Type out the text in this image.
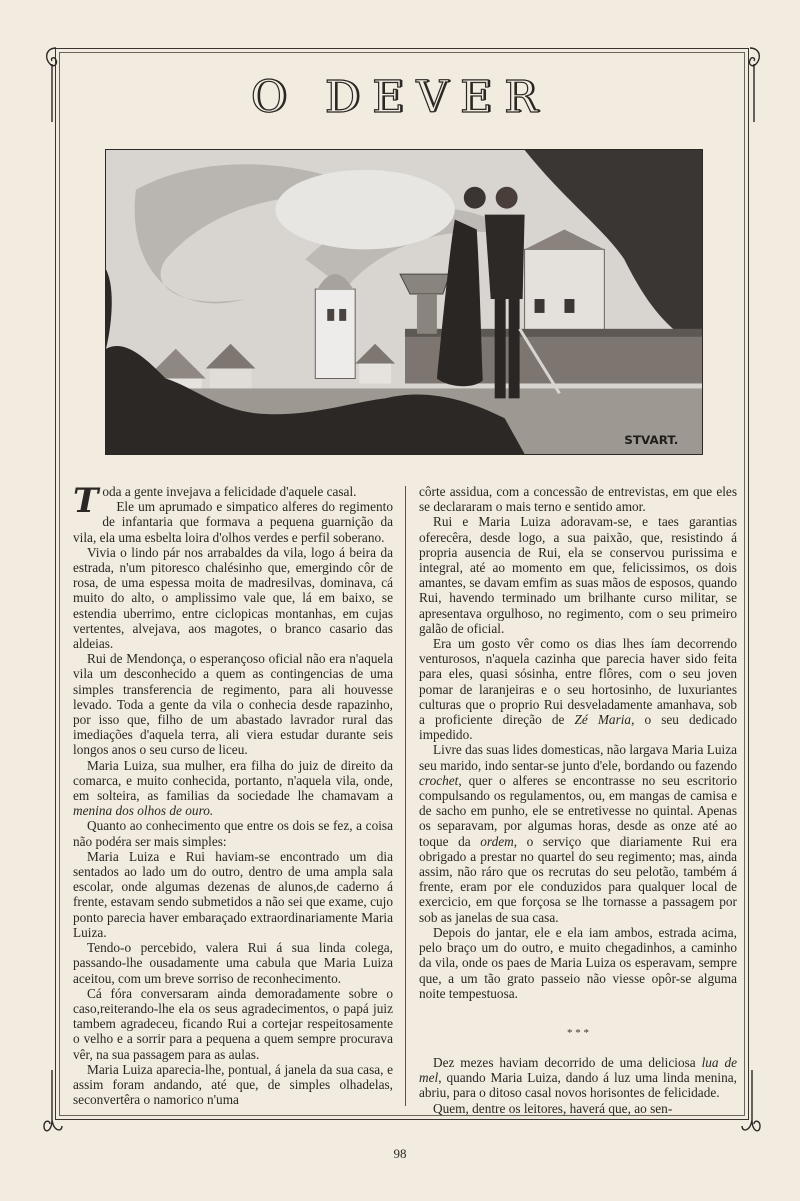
O DEVER
STVART.

Toda a gente invejava a felicidade d'aquele casal.

Ele um aprumado e simpatico alferes do regimento de infantaria que formava a pequena guarnição da vila, ela uma esbelta loira d'olhos verdes e perfil soberano.

Vivia o lindo pár nos arrabaldes da vila, logo á beira da estrada, n'um pitoresco chalésinho que, emergindo côr de rosa, de uma espessa moita de madresilvas, dominava, cá muito do alto, o amplissimo vale que, lá em baixo, se estendia uberrimo, entre ciclopicas montanhas, em cujas vertentes, alvejava, aos magotes, o branco casario das aldeias.

Rui de Mendonça, o esperançoso oficial não era n'aquela vila um desconhecido a quem as contingencias de uma simples transferencia de regimento, para ali houvesse levado. Toda a gente da vila o conhecia desde rapazinho, por isso que, filho de um abastado lavrador rural das imediações d'aquela terra, ali viera estudar durante seis longos anos o seu curso de liceu.

Maria Luiza, sua mulher, era filha do juiz de direito da comarca, e muito conhecida, portanto, n'aquela vila, onde, em solteira, as familias da sociedade lhe chamavam a menina dos olhos de ouro.

Quanto ao conhecimento que entre os dois se fez, a coisa não podéra ser mais simples:

Maria Luiza e Rui haviam-se encontrado um dia sentados ao lado um do outro, dentro de uma ampla sala escolar, onde algumas dezenas de alunos,de caderno á frente, estavam sendo submetidos a não sei que exame, cujo ponto parecia haver embaraçado extraordinariamente Maria Luiza.

Tendo-o percebido, valera Rui á sua linda colega, passando-lhe ousadamente uma cabula que Maria Luiza aceitou, com um breve sorriso de reconhecimento.

Cá fóra conversaram ainda demoradamente sobre o caso,reiterando-lhe ela os seus agradecimentos, o papá juiz tambem agradeceu, ficando Rui a cortejar respeitosamente o velho e a sorrir para a pequena a quem sempre procurava vêr, na sua passagem para as aulas.

Maria Luiza aparecia-lhe, pontual, á janela da sua casa, e assim foram andando, até que, de simples olhadelas, seconvertêra o namorico n'uma

côrte assidua, com a concessão de entrevistas, em que eles se declararam o mais terno e sentido amor.

Rui e Maria Luiza adoravam-se, e taes garantias oferecêra, desde logo, a sua paixão, que, resistindo á propria ausencia de Rui, ela se conservou purissima e integral, até ao momento em que, felicissimos, os dois amantes, se davam emfim as suas mãos de esposos, quando Rui, havendo terminado um brilhante curso militar, se apresentava orgulhoso, no regimento, com o seu primeiro galão de oficial.

Era um gosto vêr como os dias lhes íam decorrendo venturosos, n'aquela cazinha que parecia haver sido feita para eles, quasi sósinha, entre flôres, com o seu joven pomar de laranjeiras e o seu hortosinho, de luxuriantes culturas que o proprio Rui desveladamente amanhava, sob a proficiente direção de Zé Maria, o seu dedicado impedido.

Livre das suas lides domesticas, não largava Maria Luiza seu marido, indo sentar-se junto d'ele, bordando ou fazendo crochet, quer o alferes se encontrasse no seu escritorio compulsando os regulamentos, ou, em mangas de camisa e de sacho em punho, ele se entretivesse no quintal. Apenas os separavam, por algumas horas, desde as onze até ao toque da ordem, o serviço que diariamente Rui era obrigado a prestar no quartel do seu regimento; mas, ainda assim, não ráro que os recrutas do seu pelotão, também á frente, eram por ele conduzidos para qualquer local de exercicio, em que forçosa se lhe tornasse a passagem por sob as janelas de sua casa.

Depois do jantar, ele e ela iam ambos, estrada acima, pelo braço um do outro, e muito chegadinhos, a caminho da vila, onde os paes de Maria Luiza os esperavam, sempre que, a um tão grato passeio não viesse opôr-se alguma noite tempestuosa.

* * *

Dez mezes haviam decorrido de uma deliciosa lua de mel, quando Maria Luiza, dando á luz uma linda menina, abriu, para o ditoso casal novos horisontes de felicidade.

Quem, dentre os leitores, haverá que, ao sen-

98
